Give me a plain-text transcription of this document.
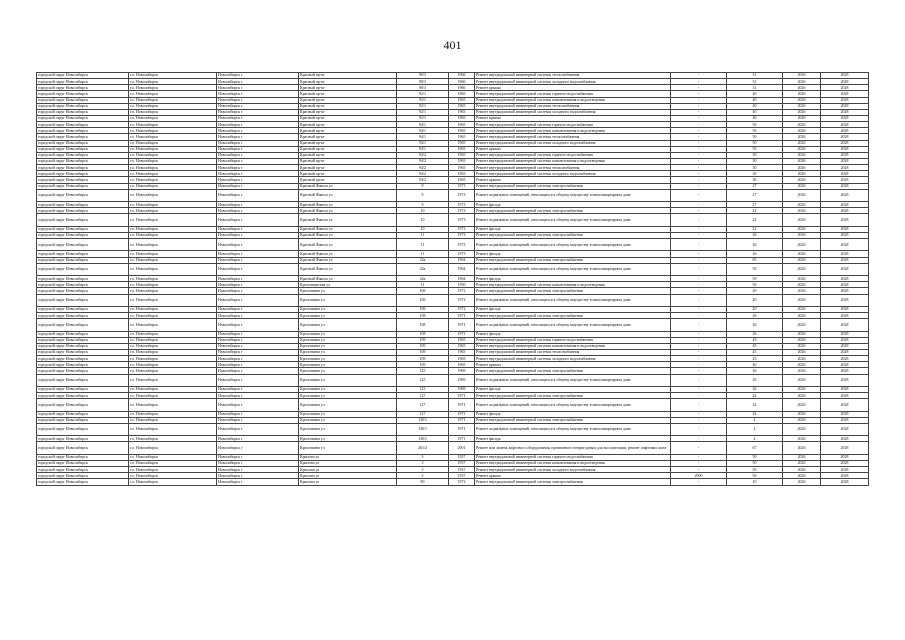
401
городской округ Новосибирск	г.о. Новосибирск	Новосибирск г	Красный пр-кт	90/3	1966	Ремонт внутридомовой инженерной системы теплоснабжения	-	31	2026	2028
городской округ Новосибирск	г.о. Новосибирск	Новосибирск г	Красный пр-кт	90/3	1966	Ремонт внутридомовой инженерной системы холодного водоснабжения	-	31	2026	2028
городской округ Новосибирск	г.о. Новосибирск	Новосибирск г	Красный пр-кт	90/3	1966	Ремонт крыши	-	31	2026	2028
городской округ Новосибирск	г.о. Новосибирск	Новосибирск г	Красный пр-кт	92/1	1965	Ремонт внутридомовой инженерной системы горячего водоснабжения	-	40	2026	2028
городской округ Новосибирск	г.о. Новосибирск	Новосибирск г	Красный пр-кт	92/1	1965	Ремонт внутридомовой инженерной системы канализования и водоотведения	-	40	2026	2028
городской округ Новосибирск	г.о. Новосибирск	Новосибирск г	Красный пр-кт	92/1	1965	Ремонт внутридомовой инженерной системы теплоснабжения	-	40	2026	2028
городской округ Новосибирск	г.о. Новосибирск	Новосибирск г	Красный пр-кт	92/1	1965	Ремонт внутридомовой инженерной системы холодного водоснабжения	-	40	2026	2028
городской округ Новосибирск	г.о. Новосибирск	Новосибирск г	Красный пр-кт	92/1	1965	Ремонт крыши	-	40	2026	2028
городской округ Новосибирск	г.о. Новосибирск	Новосибирск г	Красный пр-кт	94/1	1965	Ремонт внутридомовой инженерной системы горячего водоснабжения	-	50	2026	2028
городской округ Новосибирск	г.о. Новосибирск	Новосибирск г	Красный пр-кт	94/1	1965	Ремонт внутридомовой инженерной системы канализования и водоотведения	-	50	2026	2028
городской округ Новосибирск	г.о. Новосибирск	Новосибирск г	Красный пр-кт	94/1	1965	Ремонт внутридомовой инженерной системы теплоснабжения	-	50	2026	2028
городской округ Новосибирск	г.о. Новосибирск	Новосибирск г	Красный пр-кт	94/1	1965	Ремонт внутридомовой инженерной системы холодного водоснабжения	-	50	2026	2028
городской округ Новосибирск	г.о. Новосибирск	Новосибирск г	Красный пр-кт	94/1	1965	Ремонт крыши	-	50	2026	2028
городской округ Новосибирск	г.о. Новосибирск	Новосибирск г	Красный пр-кт	94/2	1965	Ремонт внутридомовой инженерной системы горячего водоснабжения	-	30	2026	2028
городской округ Новосибирск	г.о. Новосибирск	Новосибирск г	Красный пр-кт	94/2	1965	Ремонт внутридомовой инженерной системы канализования и водоотведения	-	30	2026	2028
городской округ Новосибирск	г.о. Новосибирск	Новосибирск г	Красный пр-кт	94/2	1965	Ремонт внутридомовой инженерной системы теплоснабжения	-	30	2026	2028
городской округ Новосибирск	г.о. Новосибирск	Новосибирск г	Красный пр-кт	94/2	1965	Ремонт внутридомовой инженерной системы холодного водоснабжения	-	30	2026	2028
городской округ Новосибирск	г.о. Новосибирск	Новосибирск г	Красный пр-кт	94/2	1965	Ремонт крыши	-	30	2026	2028
городской округ Новосибирск	г.о. Новосибирск	Новосибирск г	Красный Факела ул	9	1973	Ремонт внутридомовой инженерной системы электроснабжения	-	27	2026	2028
городской округ Новосибирск	г.о. Новосибирск	Новосибирск г	Красный Факела ул	9	1973	Ремонт подвальных помещений, относящихся к общему имуществу в многоквартирном доме	-	27	2026	2028
городской округ Новосибирск	г.о. Новосибирск	Новосибирск г	Красный Факела ул	9	1973	Ремонт фасада	-	27	2026	2028
городской округ Новосибирск	г.о. Новосибирск	Новосибирск г	Красный Факела ул	10	1973	Ремонт внутридомовой инженерной системы электроснабжения	-	22	2026	2028
городской округ Новосибирск	г.о. Новосибирск	Новосибирск г	Красный Факела ул	10	1973	Ремонт подвальных помещений, относящихся к общему имуществу в многоквартирном доме	-	22	2026	2028
городской округ Новосибирск	г.о. Новосибирск	Новосибирск г	Красный Факела ул	10	1973	Ремонт фасада	-	22	2026	2028
городской округ Новосибирск	г.о. Новосибирск	Новосибирск г	Красный Факела ул	11	1973	Ремонт внутридомовой инженерной системы электроснабжения	-	26	2026	2028
городской округ Новосибирск	г.о. Новосибирск	Новосибирск г	Красный Факела ул	11	1973	Ремонт подвальных помещений, относящихся к общему имуществу в многоквартирном доме	-	26	2026	2028
городской округ Новосибирск	г.о. Новосибирск	Новосибирск г	Красный Факела ул	11	1973	Ремонт фасада	-	26	2026	2028
городской округ Новосибирск	г.о. Новосибирск	Новосибирск г	Красный Факела ул	24а	1964	Ремонт внутридомовой инженерной системы электроснабжения	-	65	2026	2028
городской округ Новосибирск	г.о. Новосибирск	Новосибирск г	Красный Факела ул	24а	1964	Ремонт подвальных помещений, относящихся к общему имуществу в многоквартирном доме	-	59	2026	2028
городской округ Новосибирск	г.о. Новосибирск	Новосибирск г	Красный Факела ул	24а	1964	Ремонт фасада	-	59	2026	2028
городской округ Новосибирск	г.о. Новосибирск	Новосибирск г	Кропоткинская ул	11	1950	Ремонт внутридомовой инженерной системы канализования и водоотведения	-	50	2026	2028
городской округ Новосибирск	г.о. Новосибирск	Новосибирск г	Кропоткина ул	106	1972	Ремонт внутридомовой инженерной системы электроснабжения	-	20	2026	2028
городской округ Новосибирск	г.о. Новосибирск	Новосибирск г	Кропоткина ул	106	1972	Ремонт подвальных помещений, относящихся к общему имуществу в многоквартирном доме	-	20	2026	2028
городской округ Новосибирск	г.о. Новосибирск	Новосибирск г	Кропоткина ул	106	1972	Ремонт фасада	-	20	2026	2028
городской округ Новосибирск	г.о. Новосибирск	Новосибирск г	Кропоткина ул	108	1971	Ремонт внутридомовой инженерной системы электроснабжения	-	26	2026	2028
городской округ Новосибирск	г.о. Новосибирск	Новосибирск г	Кропоткина ул	108	1971	Ремонт подвальных помещений, относящихся к общему имуществу в многоквартирном доме	-	26	2026	2028
городской округ Новосибирск	г.о. Новосибирск	Новосибирск г	Кропоткина ул	108	1971	Ремонт фасада	-	26	2026	2028
городской округ Новосибирск	г.о. Новосибирск	Новосибирск г	Кропоткина ул	109	1965	Ремонт внутридомовой инженерной системы горячего водоснабжения	-	45	2026	2028
городской округ Новосибирск	г.о. Новосибирск	Новосибирск г	Кропоткина ул	109	1965	Ремонт внутридомовой инженерной системы канализования и водоотведения	-	45	2026	2028
городской округ Новосибирск	г.о. Новосибирск	Новосибирск г	Кропоткина ул	109	1965	Ремонт внутридомовой инженерной системы теплоснабжения	-	45	2026	2028
городской округ Новосибирск	г.о. Новосибирск	Новосибирск г	Кропоткина ул	109	1965	Ремонт внутридомовой инженерной системы холодного водоснабжения	-	45	2026	2028
городской округ Новосибирск	г.о. Новосибирск	Новосибирск г	Кропоткина ул	109	1965	Ремонт крыши	-	40	2026	2028
городской округ Новосибирск	г.о. Новосибирск	Новосибирск г	Кропоткина ул	125	1969	Ремонт внутридомовой инженерной системы электроснабжения	-	26	2026	2028
городской округ Новосибирск	г.о. Новосибирск	Новосибирск г	Кропоткина ул	125	1969	Ремонт подвальных помещений, относящихся к общему имуществу в многоквартирном доме	-	26	2026	2028
городской округ Новосибирск	г.о. Новосибирск	Новосибирск г	Кропоткина ул	125	1969	Ремонт фасада	-	26	2026	2028
городской округ Новосибирск	г.о. Новосибирск	Новосибирск г	Кропоткина ул	127	1971	Ремонт внутридомовой инженерной системы электроснабжения	-	24	2026	2028
городской округ Новосибирск	г.о. Новосибирск	Новосибирск г	Кропоткина ул	127	1971	Ремонт подвальных помещений, относящихся к общему имуществу в многоквартирном доме	-	24	2026	2028
городской округ Новосибирск	г.о. Новосибирск	Новосибирск г	Кропоткина ул	127	1971	Ремонт фасада	-	24	2026	2028
городской округ Новосибирск	г.о. Новосибирск	Новосибирск г	Кропоткина ул	130/1	1971	Ремонт внутридомовой инженерной системы электроснабжения	-	4	2026	2028
городской округ Новосибирск	г.о. Новосибирск	Новосибирск г	Кропоткина ул	130/1	1971	Ремонт подвальных помещений, относящихся к общему имуществу в многоквартирном доме	-	4	2026	2028
городской округ Новосибирск	г.о. Новосибирск	Новосибирск г	Кропоткина ул	130/1	1971	Ремонт фасада	-	4	2026	2028
городской округ Новосибирск	г.о. Новосибирск	Новосибирск г	Кропоткина ул	261/2	2001	Ремонт или замена лифтового оборудования, признанного непригодным для эксплуатации, ремонт лифтовых шахт	-	67	2026	2028
городской округ Новосибирск	г.о. Новосибирск	Новосибирск г	Крылова ул	3	1937	Ремонт внутридомовой инженерной системы горячего водоснабжения	-	50	2026	2028
городской округ Новосибирск	г.о. Новосибирск	Новосибирск г	Крылова ул	3	1937	Ремонт внутридомовой инженерной системы канализования и водоотведения	-	50	2026	2028
городской округ Новосибирск	г.о. Новосибирск	Новосибирск г	Крылова ул	3	1937	Ремонт внутридомовой инженерной системы холодного водоснабжения	-	50	2026	2028
городской округ Новосибирск	г.о. Новосибирск	Новосибирск г	Крылова ул	3	1937	Ремонт крыши	2900	50	2026	2028
городской округ Новосибирск	г.о. Новосибирск	Новосибирск г	Крылова ул	80	1972	Ремонт внутридомовой инженерной системы электроснабжения	-	10	2026	2028
